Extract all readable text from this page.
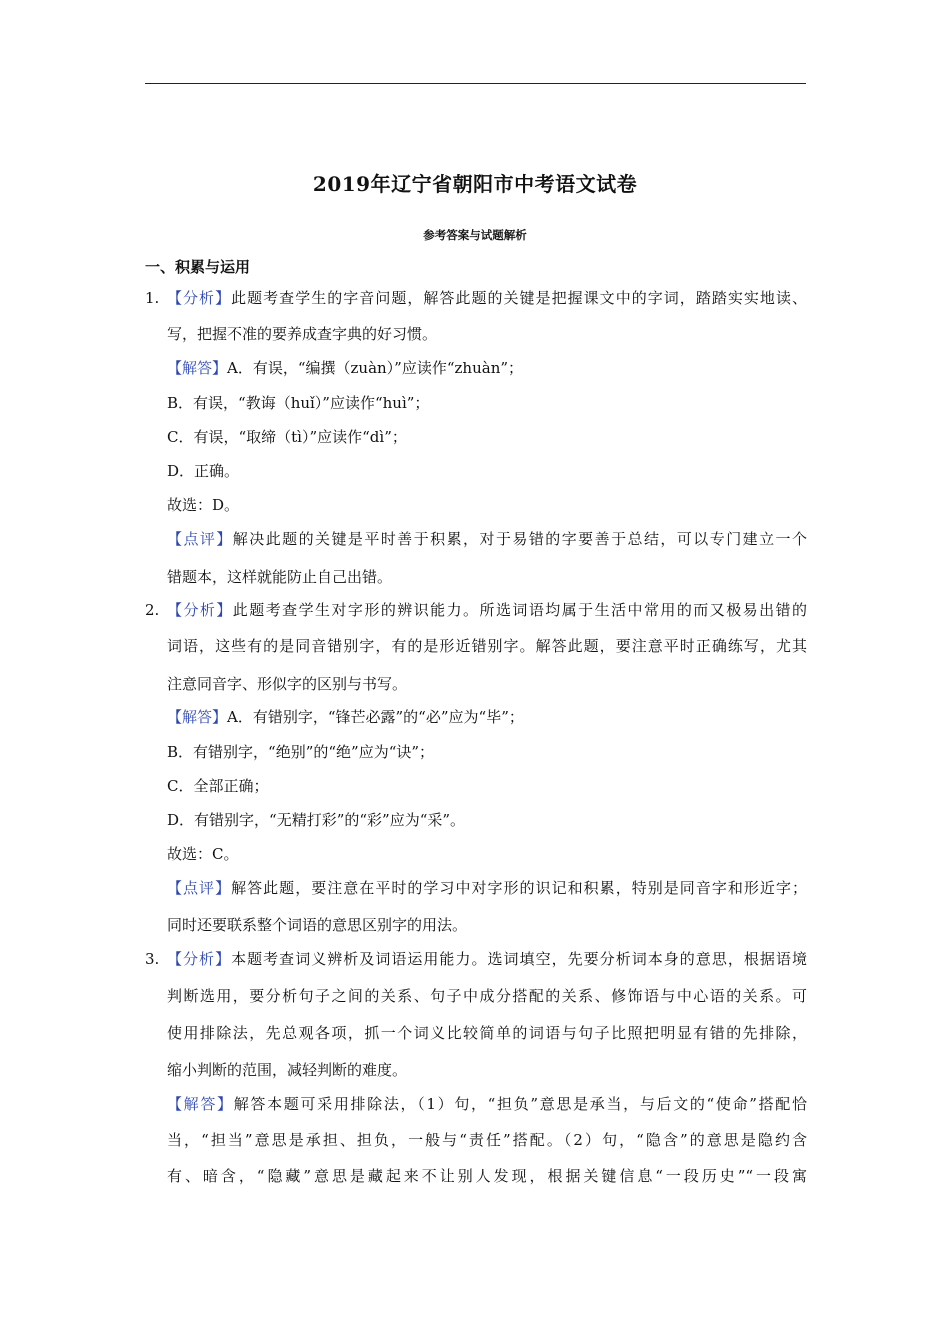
2019年辽宁省朝阳市中考语文试卷
参考答案与试题解析
一、积累与运用
1. 【分析】此题考查学生的字音问题，解答此题的关键是把握课文中的字词，踏踏实实地读、
写，把握不准的要养成查字典的好习惯。
【解答】A．有误，“编撰（zuàn）”应读作“zhuàn”；
B．有误，“教诲（huǐ）”应读作“huì”；
C．有误，“取缔（tì）”应读作“dì”；
D．正确。
故选：D。
【点评】解决此题的关键是平时善于积累，对于易错的字要善于总结，可以专门建立一个
错题本，这样就能防止自己出错。
2. 【分析】此题考查学生对字形的辨识能力。所选词语均属于生活中常用的而又极易出错的
词语，这些有的是同音错别字，有的是形近错别字。解答此题，要注意平时正确练写，尤其
注意同音字、形似字的区别与书写。
【解答】A．有错别字，“锋芒必露”的“必”应为“毕”；
B．有错别字，“绝别”的“绝”应为“诀”；
C．全部正确；
D．有错别字，“无精打彩”的“彩”应为“采”。
故选：C。
【点评】解答此题，要注意在平时的学习中对字形的识记和积累，特别是同音字和形近字；
同时还要联系整个词语的意思区别字的用法。
3. 【分析】本题考查词义辨析及词语运用能力。选词填空，先要分析词本身的意思，根据语境
判断选用，要分析句子之间的关系、句子中成分搭配的关系、修饰语与中心语的关系。可
使用排除法，先总观各项，抓一个词义比较简单的词语与句子比照把明显有错的先排除，
缩小判断的范围，减轻判断的难度。
【解答】解答本题可采用排除法，（1）句，“担负”意思是承当，与后文的“使命”搭配恰
当，“担当”意思是承担、担负，一般与“责任”搭配。（2）句，“隐含”的意思是隐约含
有、暗含，“隐藏”意思是藏起来不让别人发现，根据关键信息“一段历史”“一段寓
